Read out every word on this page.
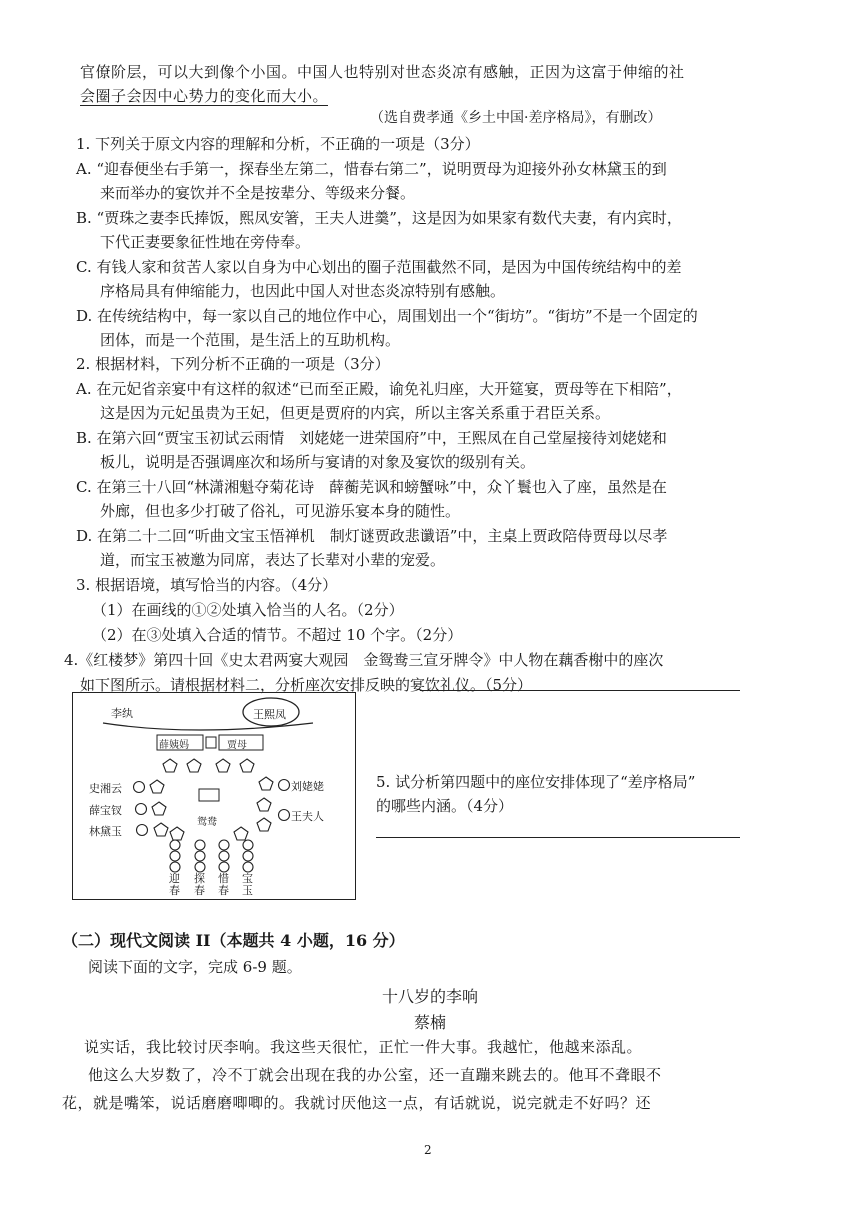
官僚阶层，可以大到像个小国。中国人也特别对世态炎凉有感触，正因为这富于伸缩的社
会圈子会因中心势力的变化而大小。
（选自费孝通《乡土中国·差序格局》，有删改）
1. 下列关于原文内容的理解和分析，不正确的一项是（3分）
A. “迎春便坐右手第一，探春坐左第二，惜春右第二”，说明贾母为迎接外孙女林黛玉的到
来而举办的宴饮并不全是按辈分、等级来分餐。
B. “贾珠之妻李氏捧饭，熙凤安箸，王夫人进羹”，这是因为如果家有数代夫妻，有内宾时，
下代正妻要象征性地在旁侍奉。
C. 有钱人家和贫苦人家以自身为中心划出的圈子范围截然不同，是因为中国传统结构中的差
序格局具有伸缩能力，也因此中国人对世态炎凉特别有感触。
D. 在传统结构中，每一家以自己的地位作中心，周围划出一个“街坊”。“街坊”不是一个固定的
团体，而是一个范围，是生活上的互助机构。
2. 根据材料，下列分析不正确的一项是（3分）
A. 在元妃省亲宴中有这样的叙述“已而至正殿，谕免礼归座，大开筵宴，贾母等在下相陪”，
这是因为元妃虽贵为王妃，但更是贾府的内宾，所以主客关系重于君臣关系。
B. 在第六回“贾宝玉初试云雨情　刘姥姥一进荣国府”中，王熙凤在自己堂屋接待刘姥姥和
板儿，说明是否强调座次和场所与宴请的对象及宴饮的级别有关。
C. 在第三十八回“林潇湘魁夺菊花诗　薛蘅芜讽和螃蟹咏”中，众丫鬟也入了座，虽然是在
外廊，但也多少打破了俗礼，可见游乐宴本身的随性。
D. 在第二十二回“听曲文宝玉悟禅机　制灯谜贾政悲谶语”中，主桌上贾政陪侍贾母以尽孝
道，而宝玉被邀为同席，表达了长辈对小辈的宠爱。
3. 根据语境，填写恰当的内容。（4分）
（1）在画线的①②处填入恰当的人名。（2分）
（2）在③处填入合适的情节。不超过 10 个字。（2分）
4.《红楼梦》第四十回《史太君两宴大观园　金鸳鸯三宣牙牌令》中人物在藕香榭中的座次
如下图所示。请根据材料二，分析座次安排反映的宴饮礼仪。（5分）
5. 试分析第四题中的座位安排体现了“差序格局”
的哪些内涵。（4分）
李纨	王熙凤
薛姨妈	贾母
史湘云
薛宝钗
林黛玉
刘姥姥
王夫人
鸳鸯
迎春
探春
惜春
宝玉
（二）现代文阅读 II（本题共 4 小题，16 分）
阅读下面的文字，完成 6-9 题。
十八岁的李响
蔡楠
说实话，我比较讨厌李响。我这些天很忙，正忙一件大事。我越忙，他越来添乱。
他这么大岁数了，冷不丁就会出现在我的办公室，还一直蹦来跳去的。他耳不聋眼不
花，就是嘴笨，说话磨磨唧唧的。我就讨厌他这一点，有话就说，说完就走不好吗？还
2
